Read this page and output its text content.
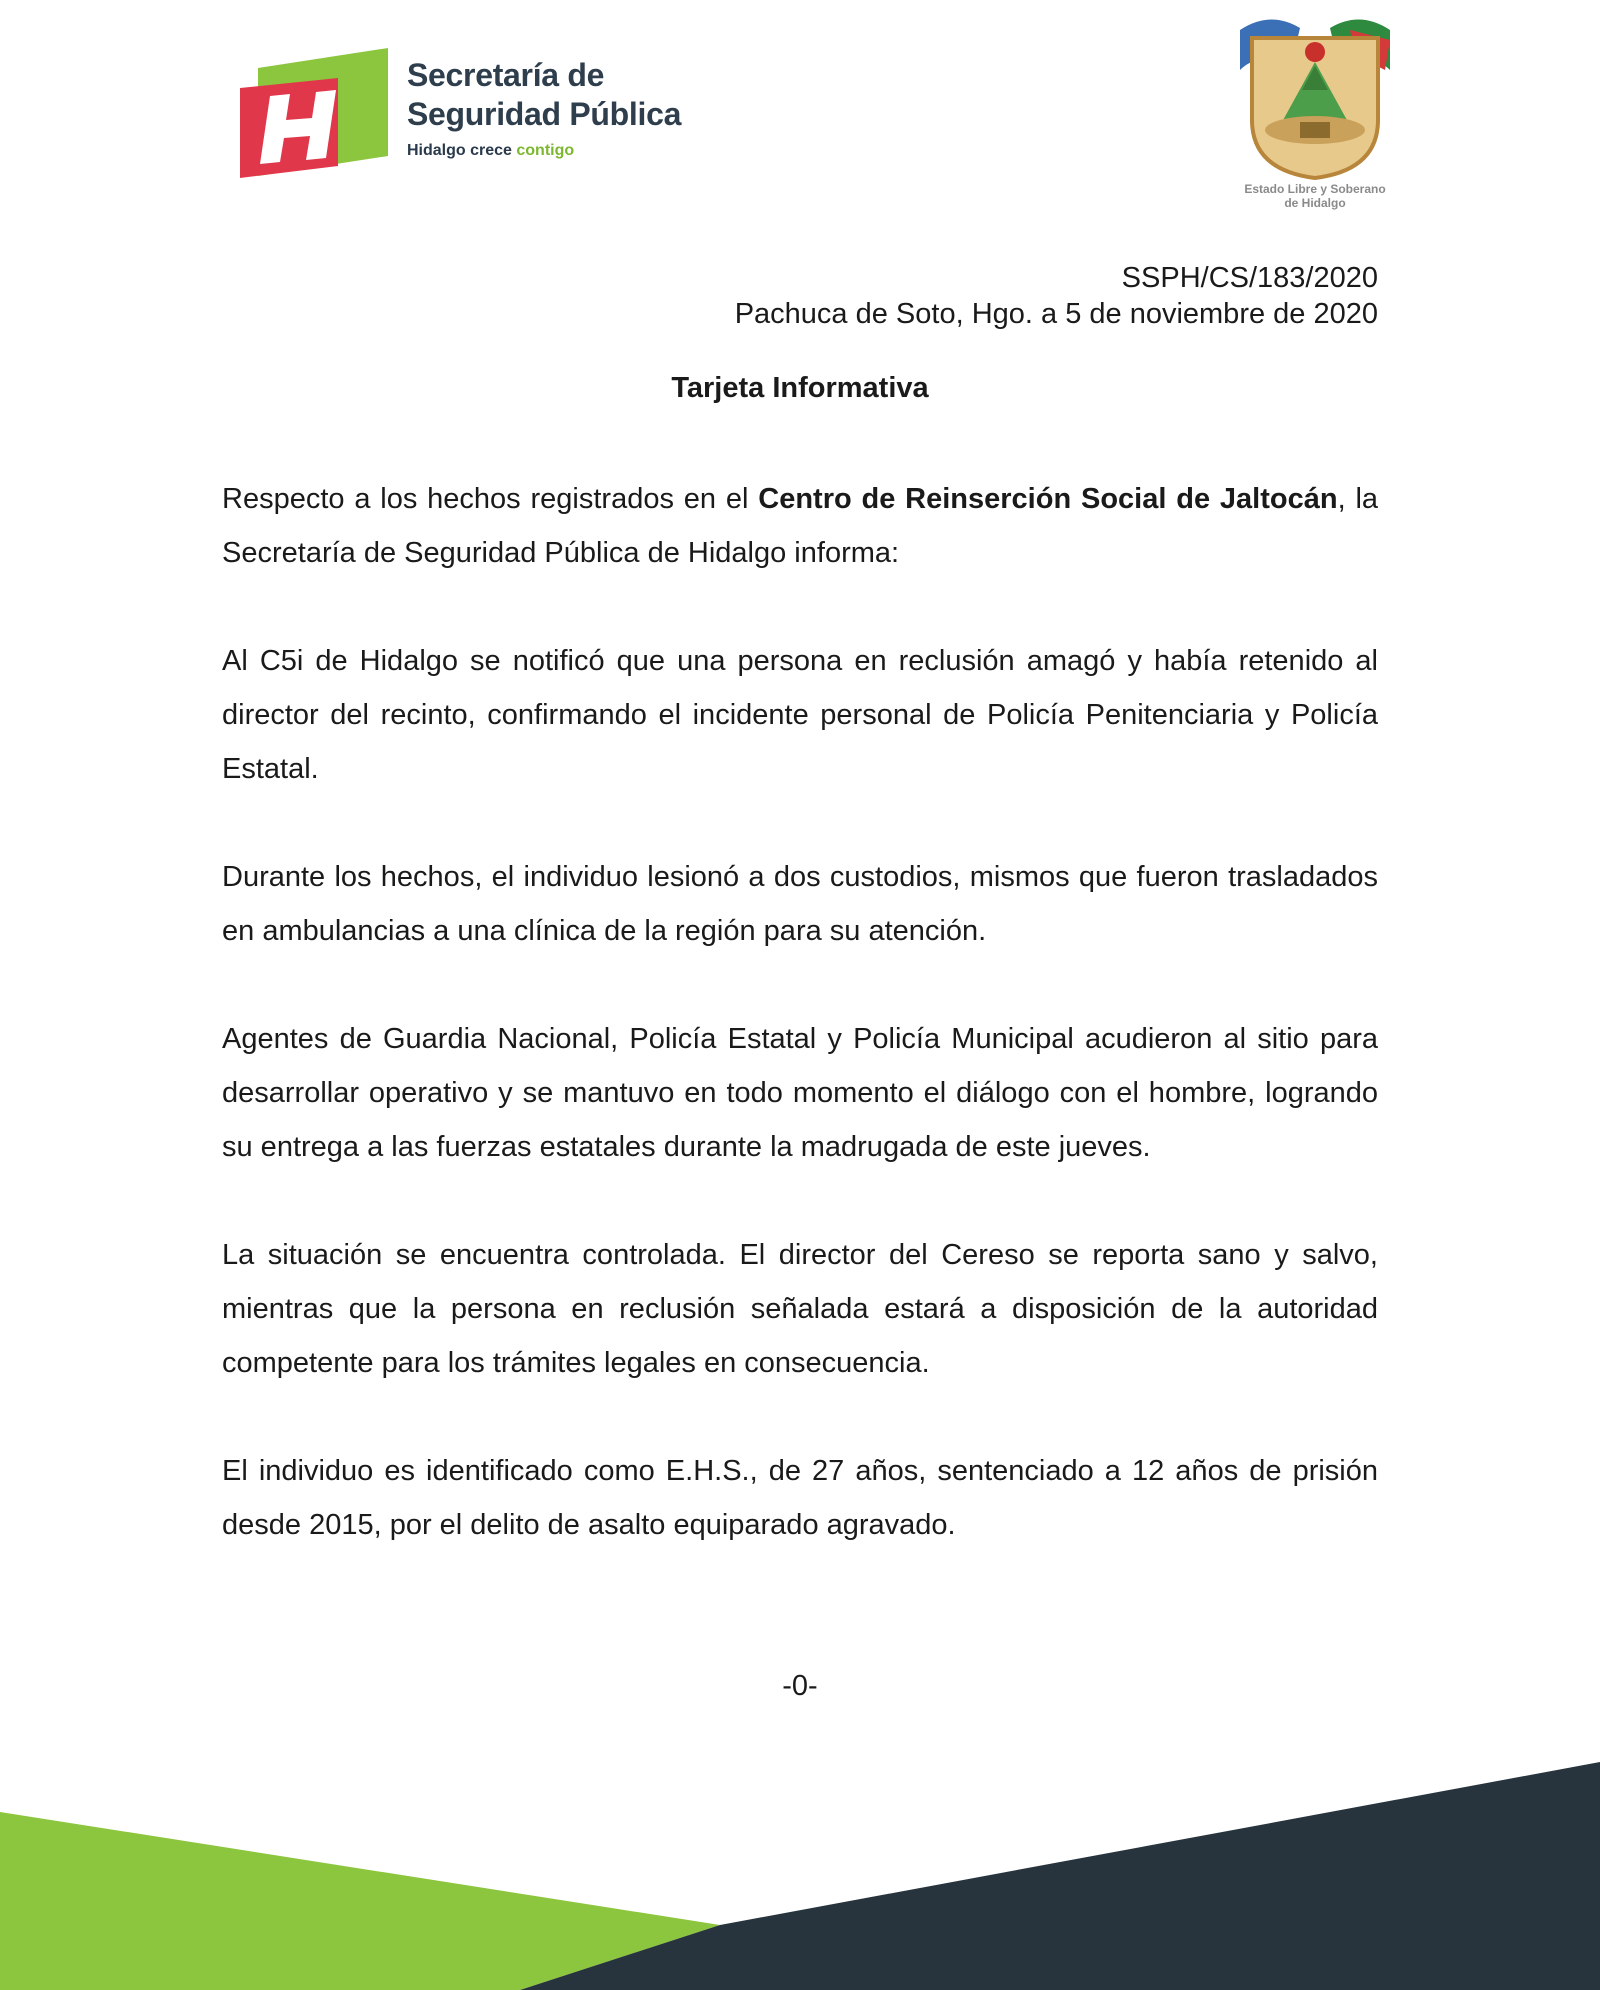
Secretaría de
Seguridad Pública
Hidalgo crece contigo
Estado Libre y Soberano
de Hidalgo
SSPH/CS/183/2020
Pachuca de Soto, Hgo. a 5 de noviembre de 2020
Tarjeta Informativa

Respecto a los hechos registrados en el Centro de Reinserción Social de Jaltocán, la Secretaría de Seguridad Pública de Hidalgo informa:

Al C5i de Hidalgo se notificó que una persona en reclusión amagó y había retenido al director del recinto, confirmando el incidente personal de Policía Penitenciaria y Policía Estatal.

Durante los hechos, el individuo lesionó a dos custodios, mismos que fueron trasladados en ambulancias a una clínica de la región para su atención.

Agentes de Guardia Nacional, Policía Estatal y Policía Municipal acudieron al sitio para desarrollar operativo y se mantuvo en todo momento el diálogo con el hombre, logrando su entrega a las fuerzas estatales durante la madrugada de este jueves.

La situación se encuentra controlada. El director del Cereso se reporta sano y salvo, mientras que la persona en reclusión señalada estará a disposición de la autoridad competente para los trámites legales en consecuencia.

El individuo es identificado como E.H.S., de 27 años, sentenciado a 12 años de prisión desde 2015, por el delito de asalto equiparado agravado.

-0-
